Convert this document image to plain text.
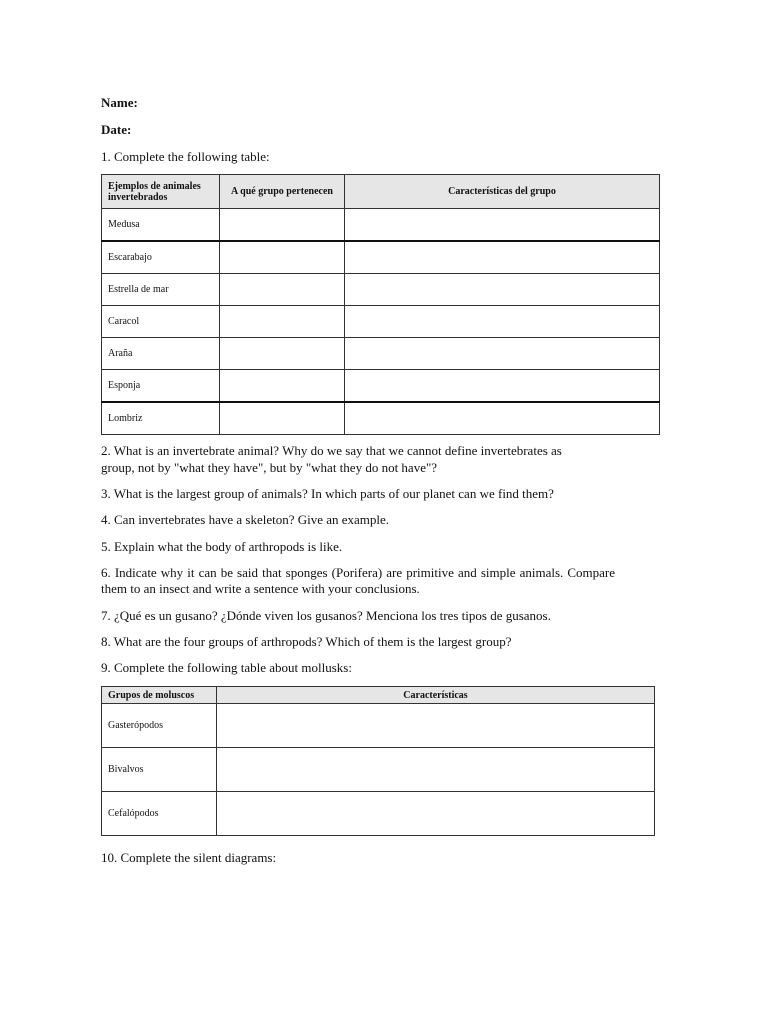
Name:
Date:
1. Complete the following table:
Ejemplos de animales invertebrados	A qué grupo pertenecen	Características del grupo
Medusa		
Escarabajo		
Estrella de mar		
Caracol		
Araña		
Esponja		
Lombriz		
2. What is an invertebrate animal? Why do we say that we cannot define invertebrates as
group, not by "what they have", but by "what they do not have"?
3. What is the largest group of animals? In which parts of our planet can we find them?
4. Can invertebrates have a skeleton? Give an example.
5. Explain what the body of arthropods is like.
6. Indicate why it can be said that sponges (Porifera) are primitive and simple animals. Compare them to an insect and write a sentence with your conclusions.
7. ¿Qué es un gusano? ¿Dónde viven los gusanos? Menciona los tres tipos de gusanos.
8. What are the four groups of arthropods? Which of them is the largest group?
9. Complete the following table about mollusks:
Grupos de moluscos	Características
Gasterópodos	
Bivalvos	
Cefalópodos	
10. Complete the silent diagrams:
